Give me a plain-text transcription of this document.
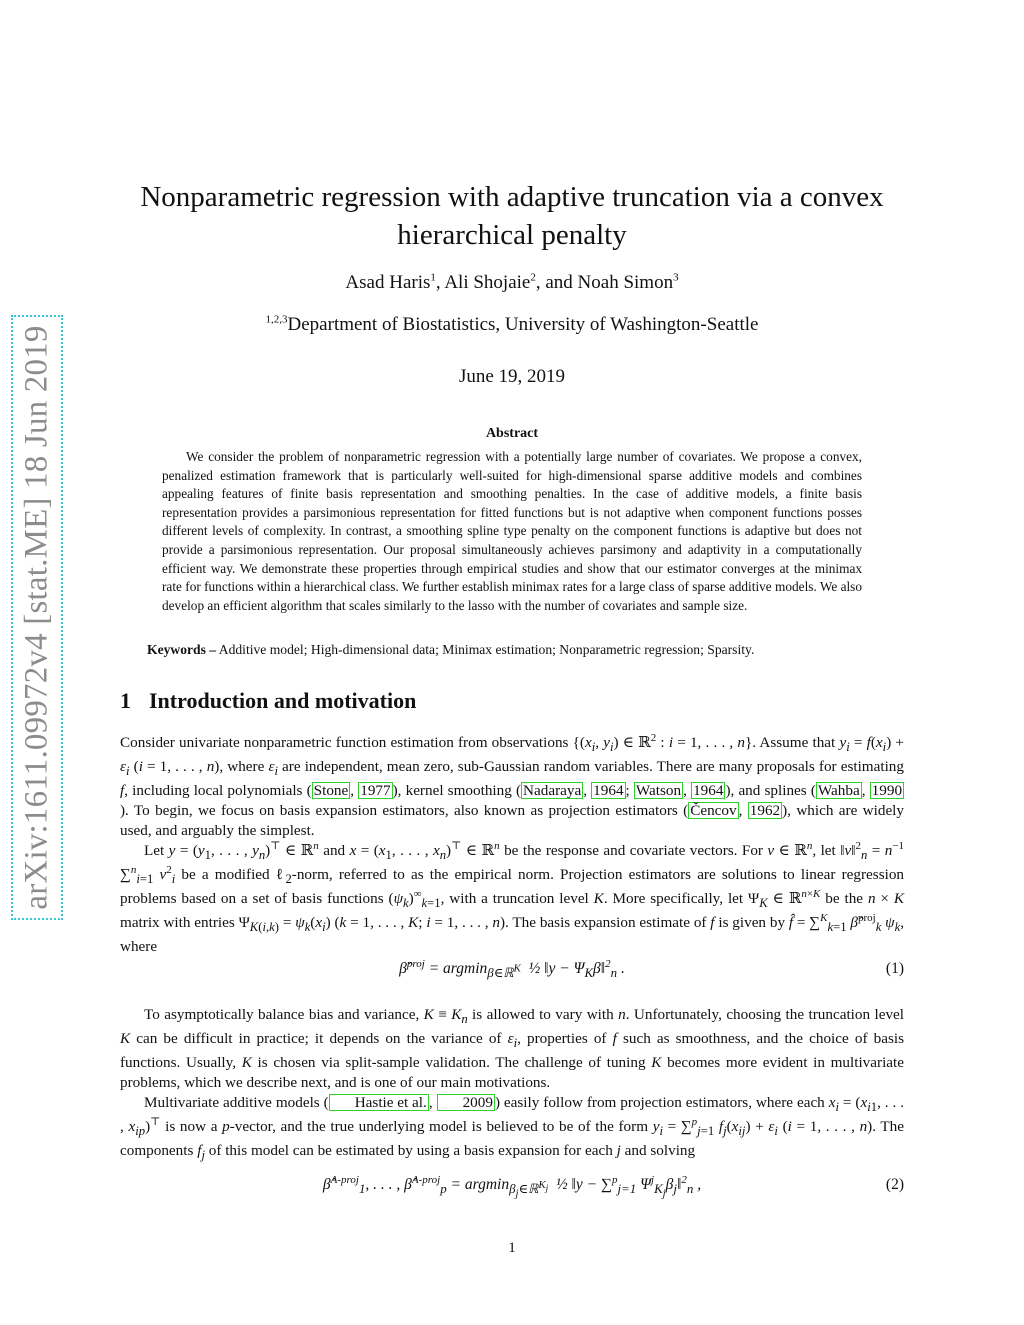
arXiv:1611.09972v4 [stat.ME] 18 Jun 2019
Nonparametric regression with adaptive truncation via a convex hierarchical penalty
Asad Haris$^1$, Ali Shojaie$^2$, and Noah Simon$^3$
$^{1,2,3}$Department of Biostatistics, University of Washington-Seattle
June 19, 2019
Abstract

We consider the problem of nonparametric regression with a potentially large number of covariates. We propose a convex, penalized estimation framework that is particularly well-suited for high-dimensional sparse additive models and combines appealing features of finite basis representation and smoothing penalties. In the case of additive models, a finite basis representation provides a parsimonious representation for fitted functions but is not adaptive when component functions posses different levels of complexity. In contrast, a smoothing spline type penalty on the component functions is adaptive but does not provide a parsimonious representation. Our proposal simultaneously achieves parsimony and adaptivity in a computationally efficient way. We demonstrate these properties through empirical studies and show that our estimator converges at the minimax rate for functions within a hierarchical class. We further establish minimax rates for a large class of sparse additive models. We also develop an efficient algorithm that scales similarly to the lasso with the number of covariates and sample size.

Keywords – Additive model; High-dimensional data; Minimax estimation; Nonparametric regression; Sparsity.
1 Introduction and motivation

Consider univariate nonparametric function estimation from observations {($x_i$, $y_i$) ∈ ℝ$^2$ : i = 1, . . . , n}. Assume that $y_i = f(x_i) + \varepsilon_i$ (i = 1, . . . , n), where $\varepsilon_i$ are independent, mean zero, sub-Gaussian random variables. There are many proposals for estimating f, including local polynomials ( Stone , 1977 ), kernel smoothing ( Nadaraya , 1964 ; Watson , 1964 ), and splines ( Wahba , 1990). To begin, we focus on basis expansion estimators, also known as projection estimators ( Čencov , 1962 ), which are widely used, and arguably the simplest.

Let $y = (y_1$, . . . , $y_n)^⊤$ ∈ ℝ$^n$ and $x = (x_1$, . . . , $x_n)^⊤$ ∈ ℝ$^n$ be the response and covariate vectors. For v ∈ ℝ$^n$, let ‖v‖$^2_n$ = $n^{-1}$ ∑$^n_{i=1}$ $v^2_i$ be a modified ℓ$_2$-norm, referred to as the empirical norm. Projection estimators are solutions to linear regression problems based on a set of basis functions $(\psi_k)^\infty_{k=1}$, with a truncation level K. More specifically, let $\Psi_K$ ∈ ℝ$^{n\times K}$ be the n × K matrix with entries $\Psi_{K(i,k)} = \psi_k(x_i) (k = 1$, . . . , K; i = 1, . . . , n). The basis expansion estimate of f is given by f̂ = ∑$^K_{k=1}$ β̂$^{proj}_k$ $\psi_k$, where

β̂$^{proj}$ = argmin$_{\beta\in ℝ^K}$  ½ ‖y − $\Psi_K\beta‖^2_n$ .	(1)

To asymptotically balance bias and variance, $K \equiv K_n$ is allowed to vary with n. Unfortunately, choosing the truncation level K can be difficult in practice; it depends on the variance of $\varepsilon_i$, properties of f such as smoothness, and the choice of basis functions. Usually, K is chosen via split-sample validation. The challenge of tuning K becomes more evident in multivariate problems, which we describe next, and is one of our main motivations.

Multivariate additive models ( Hastie et al. , 2009 ) easily follow from projection estimators, where each $x_i = (x_{i1}$, . . . , $x_{ip})^⊤$ is now a p-vector, and the true underlying model is believed to be of the form $y_i = \sum^p_{j=1}$ $f_j(x_{ij}) + \varepsilon_i$ (i = 1, . . . , n). The components $f_j$ of this model can be estimated by using a basis expansion for each j and solving

β̂$^{A-proj}_1$, . . . , β̂$^{A-proj}_p$ = argmin$_{\beta_j\in ℝ^{K_j}}$  ½ ‖y − ∑$^p_{j=1}$ $\Psi^j_{K_j}\beta_j‖^2_n$ ,	(2)
1
